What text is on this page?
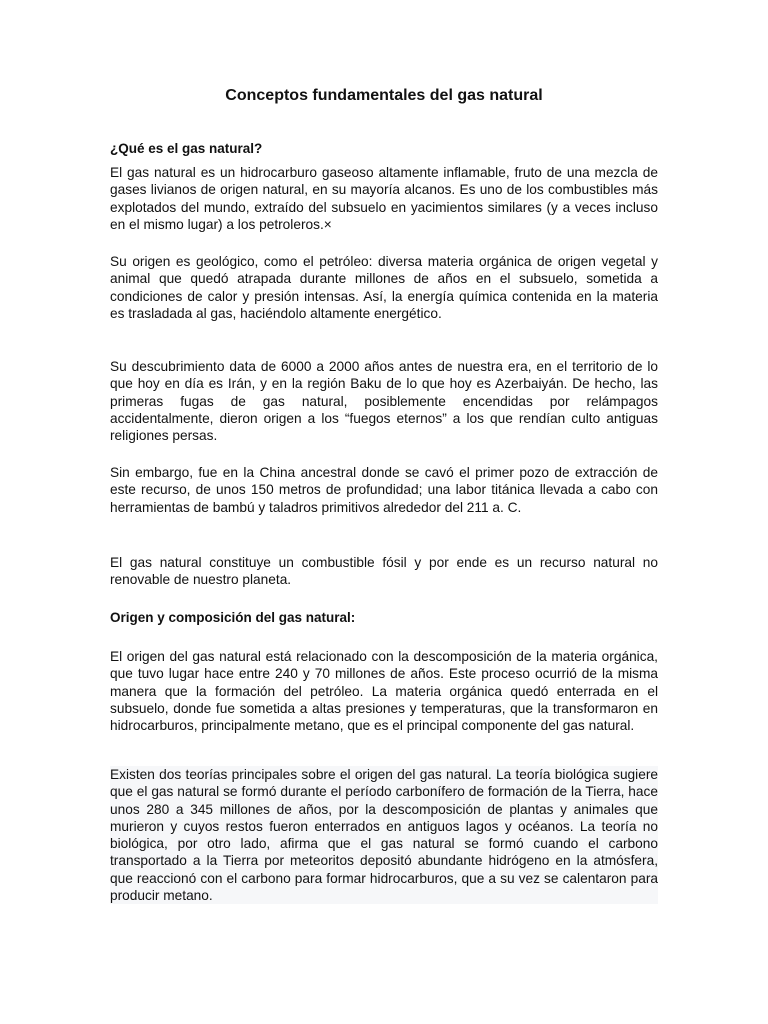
Conceptos fundamentales del gas natural
¿Qué es el gas natural?

El gas natural es un hidrocarburo gaseoso altamente inflamable, fruto de una mezcla de gases livianos de origen natural, en su mayoría alcanos. Es uno de los combustibles más explotados del mundo, extraído del subsuelo en yacimientos similares (y a veces incluso en el mismo lugar) a los petroleros.×

Su origen es geológico, como el petróleo: diversa materia orgánica de origen vegetal y animal que quedó atrapada durante millones de años en el subsuelo, sometida a condiciones de calor y presión intensas. Así, la energía química contenida en la materia es trasladada al gas, haciéndolo altamente energético.

Su descubrimiento data de 6000 a 2000 años antes de nuestra era, en el territorio de lo que hoy en día es Irán, y en la región Baku de lo que hoy es Azerbaiyán. De hecho, las primeras fugas de gas natural, posiblemente encendidas por relámpagos accidentalmente, dieron origen a los “fuegos eternos” a los que rendían culto antiguas religiones persas.

Sin embargo, fue en la China ancestral donde se cavó el primer pozo de extracción de este recurso, de unos 150 metros de profundidad; una labor titánica llevada a cabo con herramientas de bambú y taladros primitivos alrededor del 211 a. C.

El gas natural constituye un combustible fósil y por ende es un recurso natural no renovable de nuestro planeta.

Origen y composición del gas natural:

El origen del gas natural está relacionado con la descomposición de la materia orgánica, que tuvo lugar hace entre 240 y 70 millones de años. Este proceso ocurrió de la misma manera que la formación del petróleo. La materia orgánica quedó enterrada en el subsuelo, donde fue sometida a altas presiones y temperaturas, que la transformaron en hidrocarburos, principalmente metano, que es el principal componente del gas natural.

Existen dos teorías principales sobre el origen del gas natural. La teoría biológica sugiere que el gas natural se formó durante el período carbonífero de formación de la Tierra, hace unos 280 a 345 millones de años, por la descomposición de plantas y animales que murieron y cuyos restos fueron enterrados en antiguos lagos y océanos. La teoría no biológica, por otro lado, afirma que el gas natural se formó cuando el carbono transportado a la Tierra por meteoritos depositó abundante hidrógeno en la atmósfera, que reaccionó con el carbono para formar hidrocarburos, que a su vez se calentaron para producir metano.
